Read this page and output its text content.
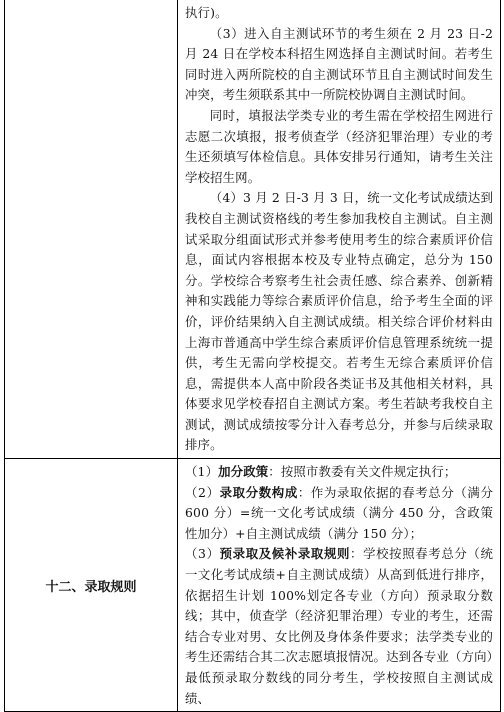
	执行)。

（3）进入自主测试环节的考生须在 2 月 23 日-2 月 24 日在学校本科招生网选择自主测试时间。若考生同时进入两所院校的自主测试环节且自主测试时间发生冲突，考生须联系其中一所院校协调自主测试时间。

同时，填报法学类专业的考生需在学校招生网进行志愿二次填报，报考侦查学（经济犯罪治理）专业的考生还须填写体检信息。具体安排另行通知，请考生关注学校招生网。

（4）3 月 2 日-3 月 3 日，统一文化考试成绩达到我校自主测试资格线的考生参加我校自主测试。自主测试采取分组面试形式并参考使用考生的综合素质评价信息，面试内容根据本校及专业特点确定，总分为 150 分。学校综合考察考生社会责任感、综合素养、创新精神和实践能力等综合素质评价信息，给予考生全面的评价，评价结果纳入自主测试成绩。相关综合评价材料由上海市普通高中学生综合素质评价信息管理系统统一提供，考生无需向学校提交。若考生无综合素质评价信息，需提供本人高中阶段各类证书及其他相关材料，具体要求见学校春招自主测试方案。考生若缺考我校自主测试，测试成绩按零分计入春考总分，并参与后续录取排序。

十二、录取规则	（1）加分政策：按照市教委有关文件规定执行；

（2）录取分数构成：作为录取依据的春考总分（满分 600 分）=统一文化考试成绩（满分 450 分，含政策性加分）+自主测试成绩（满分 150 分）；

（3）预录取及候补录取规则：学校按照春考总分（统一文化考试成绩+自主测试成绩）从高到低进行排序，依据招生计划 100%划定各专业（方向）预录取分数线；其中，侦查学（经济犯罪治理）专业的考生，还需结合专业对男、女比例及身体条件要求；法学类专业的考生还需结合其二次志愿填报情况。达到各专业（方向）最低预录取分数线的同分考生，学校按照自主测试成绩、
